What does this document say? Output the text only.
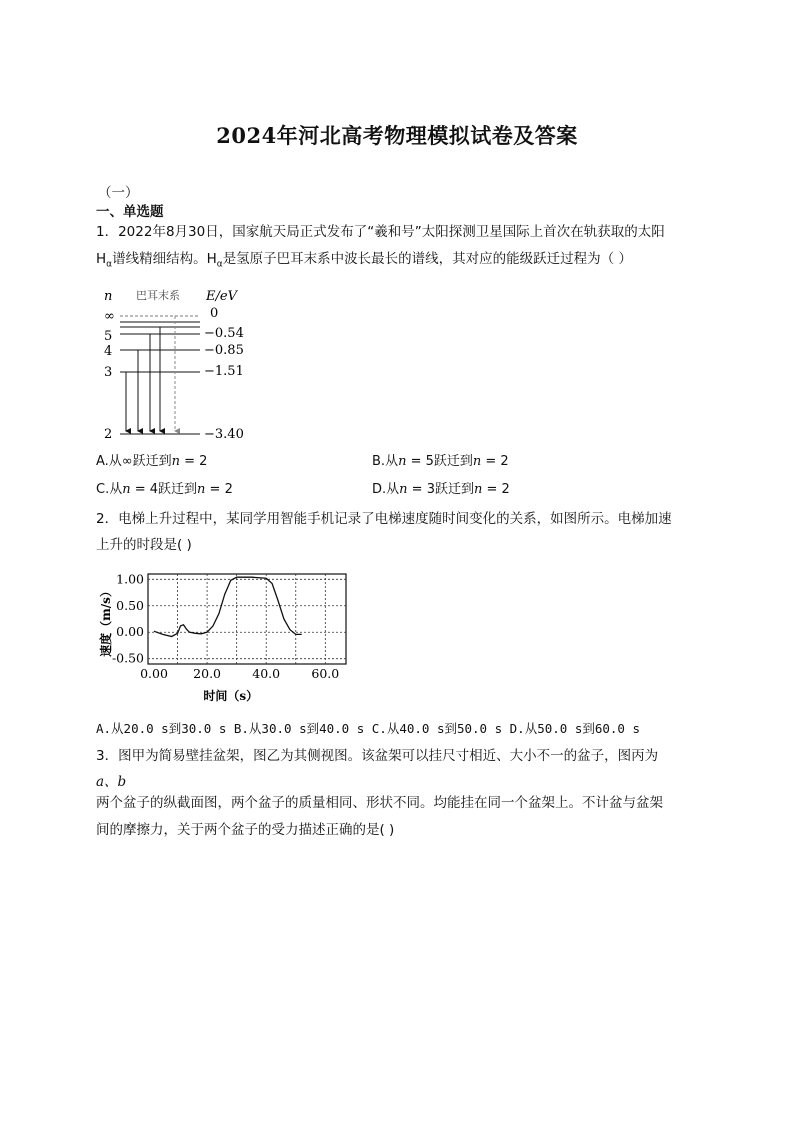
2024年河北高考物理模拟试卷及答案
（一）
一、单选题
1．2022年8月30日，国家航天局正式发布了“羲和号”太阳探测卫星国际上首次在轨获取的太阳
$H_\alpha$谱线精细结构。$H_\alpha$是氢原子巴耳末系中波长最长的谱线，其对应的能级跃迁过程为（ ）
n 巴耳末系 E/eV
∞
5
4
3
2
0
−0.54
−0.85
−1.51
−3.40
A.从∞跃迁到n = 2	B.从n = 5跃迁到n = 2
C.从n = 4跃迁到n = 2	D.从n = 3跃迁到n = 2
2．电梯上升过程中，某同学用智能手机记录了电梯速度随时间变化的关系，如图所示。电梯加速
上升的时段是( )
1.00
0.50
0.00
-0.50
0.00 20.0	40.0	60.0
速度（m/s）
时间（s）
A.从20.0 s到30.0 s B.从30.0 s到40.0 s C.从40.0 s到50.0 s D.从50.0 s到60.0 s
3．图甲为简易壁挂盆架，图乙为其侧视图。该盆架可以挂尺寸相近、大小不一的盆子，图丙为
a、b
两个盆子的纵截面图，两个盆子的质量相同、形状不同。均能挂在同一个盆架上。不计盆与盆架
间的摩擦力，关于两个盆子的受力描述正确的是( )
